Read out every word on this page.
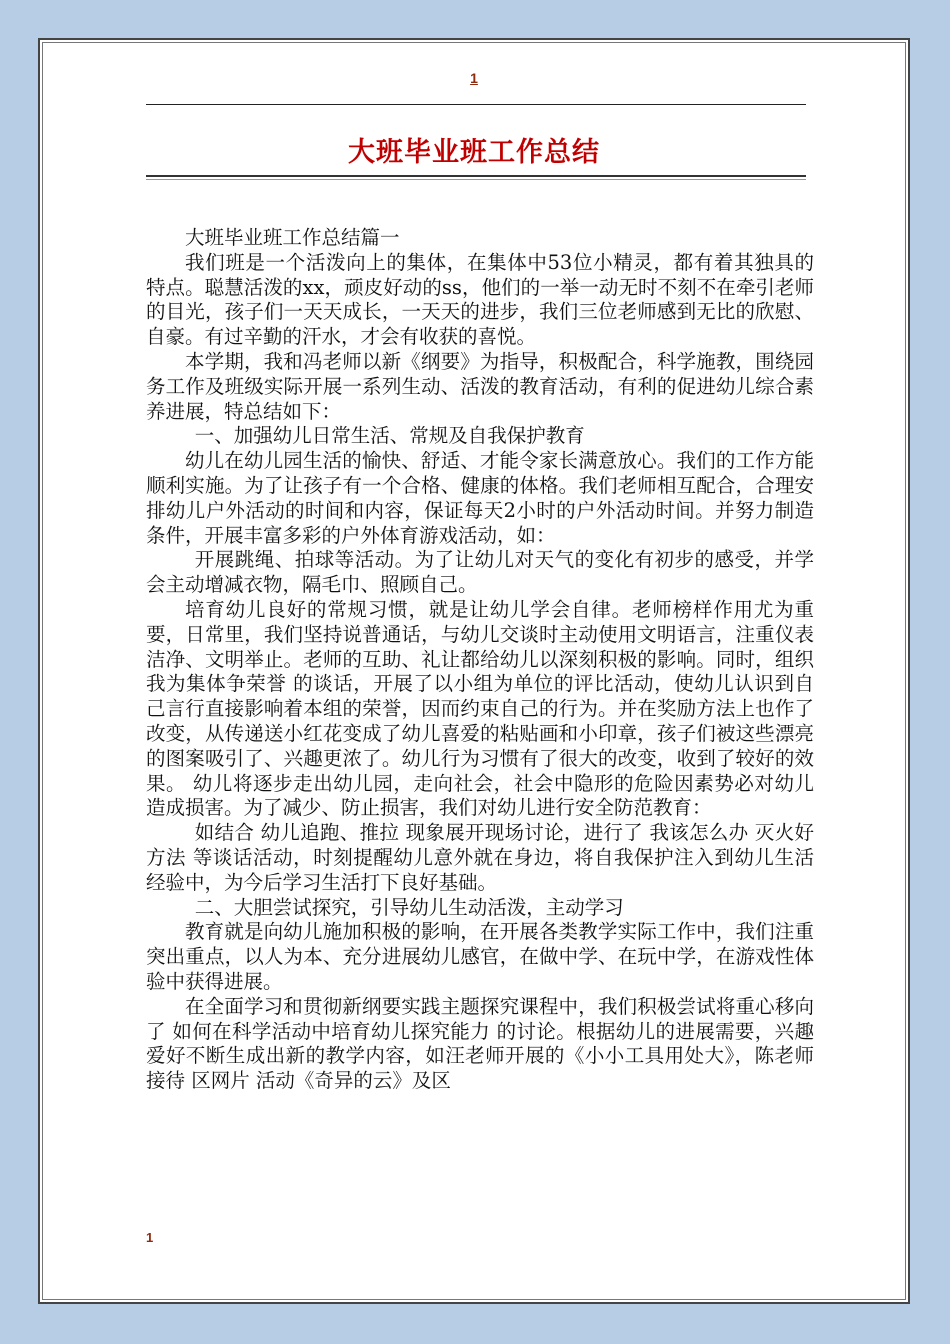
1
大班毕业班工作总结

大班毕业班工作总结篇一

我们班是一个活泼向上的集体，在集体中53位小精灵，都有着其独具的特点。聪慧活泼的xx，顽皮好动的ss，他们的一举一动无时不刻不在牵引老师的目光，孩子们一天天成长，一天天的进步，我们三位老师感到无比的欣慰、自豪。有过辛勤的汗水，才会有收获的喜悦。

本学期，我和冯老师以新《纲要》为指导，积极配合，科学施教，围绕园务工作及班级实际开展一系列生动、活泼的教育活动，有利的促进幼儿综合素养进展，特总结如下：

一、加强幼儿日常生活、常规及自我保护教育

幼儿在幼儿园生活的愉快、舒适、才能令家长满意放心。我们的工作方能顺利实施。为了让孩子有一个合格、健康的体格。我们老师相互配合，合理安排幼儿户外活动的时间和内容，保证每天2小时的户外活动时间。并努力制造条件，开展丰富多彩的户外体育游戏活动，如：

开展跳绳、拍球等活动。为了让幼儿对天气的变化有初步的感受，并学会主动增减衣物，隔毛巾、照顾自己。

培育幼儿良好的常规习惯，就是让幼儿学会自律。老师榜样作用尤为重要，日常里，我们坚持说普通话，与幼儿交谈时主动使用文明语言，注重仪表洁净、文明举止。老师的互助、礼让都给幼儿以深刻积极的影响。同时，组织 我为集体争荣誉 的谈话，开展了以小组为单位的评比活动，使幼儿认识到自己言行直接影响着本组的荣誉，因而约束自己的行为。并在奖励方法上也作了改变，从传递送小红花变成了幼儿喜爱的粘贴画和小印章，孩子们被这些漂亮的图案吸引了、兴趣更浓了。幼儿行为习惯有了很大的改变，收到了较好的效果。 幼儿将逐步走出幼儿园，走向社会，社会中隐形的危险因素势必对幼儿造成损害。为了减少、防止损害，我们对幼儿进行安全防范教育：

如结合 幼儿追跑、推拉 现象展开现场讨论，进行了 我该怎么办 灭火好方法 等谈话活动，时刻提醒幼儿意外就在身边，将自我保护注入到幼儿生活经验中，为今后学习生活打下良好基础。

二、大胆尝试探究，引导幼儿生动活泼，主动学习

教育就是向幼儿施加积极的影响，在开展各类教学实际工作中，我们注重突出重点，以人为本、充分进展幼儿感官，在做中学、在玩中学，在游戏性体验中获得进展。

在全面学习和贯彻新纲要实践主题探究课程中，我们积极尝试将重心移向了 如何在科学活动中培育幼儿探究能力 的讨论。根据幼儿的进展需要，兴趣爱好不断生成出新的教学内容，如汪老师开展的《小小工具用处大》，陈老师接待 区网片 活动《奇异的云》及区

1
